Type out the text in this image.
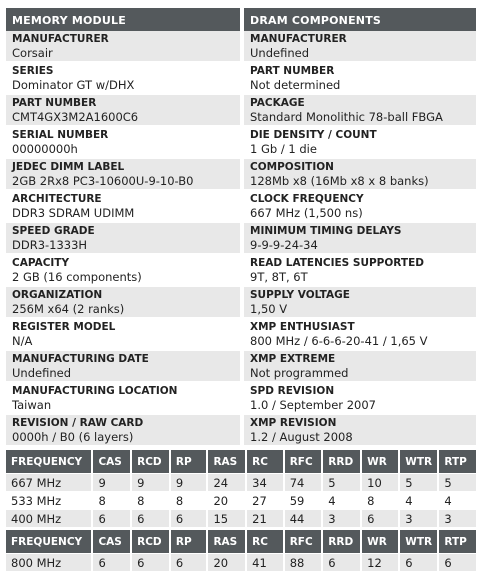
MEMORY MODULE	DRAM COMPONENTS
MANUFACTURER
Corsair
MANUFACTURER
Undefined
SERIES
Dominator GT w/DHX
PART NUMBER
Not determined
PART NUMBER
CMT4GX3M2A1600C6
PACKAGE
Standard Monolithic 78-ball FBGA
SERIAL NUMBER
00000000h
DIE DENSITY / COUNT
1 Gb / 1 die
JEDEC DIMM LABEL
2GB 2Rx8 PC3-10600U-9-10-B0
COMPOSITION
128Mb x8 (16Mb x8 x 8 banks)
ARCHITECTURE
DDR3 SDRAM UDIMM
CLOCK FREQUENCY
667 MHz (1,500 ns)
SPEED GRADE
DDR3-1333H
MINIMUM TIMING DELAYS
9-9-9-24-34
CAPACITY
2 GB (16 components)
READ LATENCIES SUPPORTED
9T, 8T, 6T
ORGANIZATION
256M x64 (2 ranks)
SUPPLY VOLTAGE
1,50 V
REGISTER MODEL
N/A
XMP ENTHUSIAST
800 MHz / 6-6-6-20-41 / 1,65 V
MANUFACTURING DATE
Undefined
XMP EXTREME
Not programmed
MANUFACTURING LOCATION
Taiwan
SPD REVISION
1.0 / September 2007
REVISION / RAW CARD
0000h / B0 (6 layers)
XMP REVISION
1.2 / August 2008
FREQUENCY	CAS	RCD	RP	RAS	RC	RFC	RRD	WR	WTR	RTP
667 MHz	9	9	9	24	34	74	5	10	5	5
533 MHz	8	8	8	20	27	59	4	8	4	4
400 MHz	6	6	6	15	21	44	3	6	3	3
FREQUENCY	CAS	RCD	RP	RAS	RC	RFC	RRD	WR	WTR	RTP
800 MHz	6	6	6	20	41	88	6	12	6	6
